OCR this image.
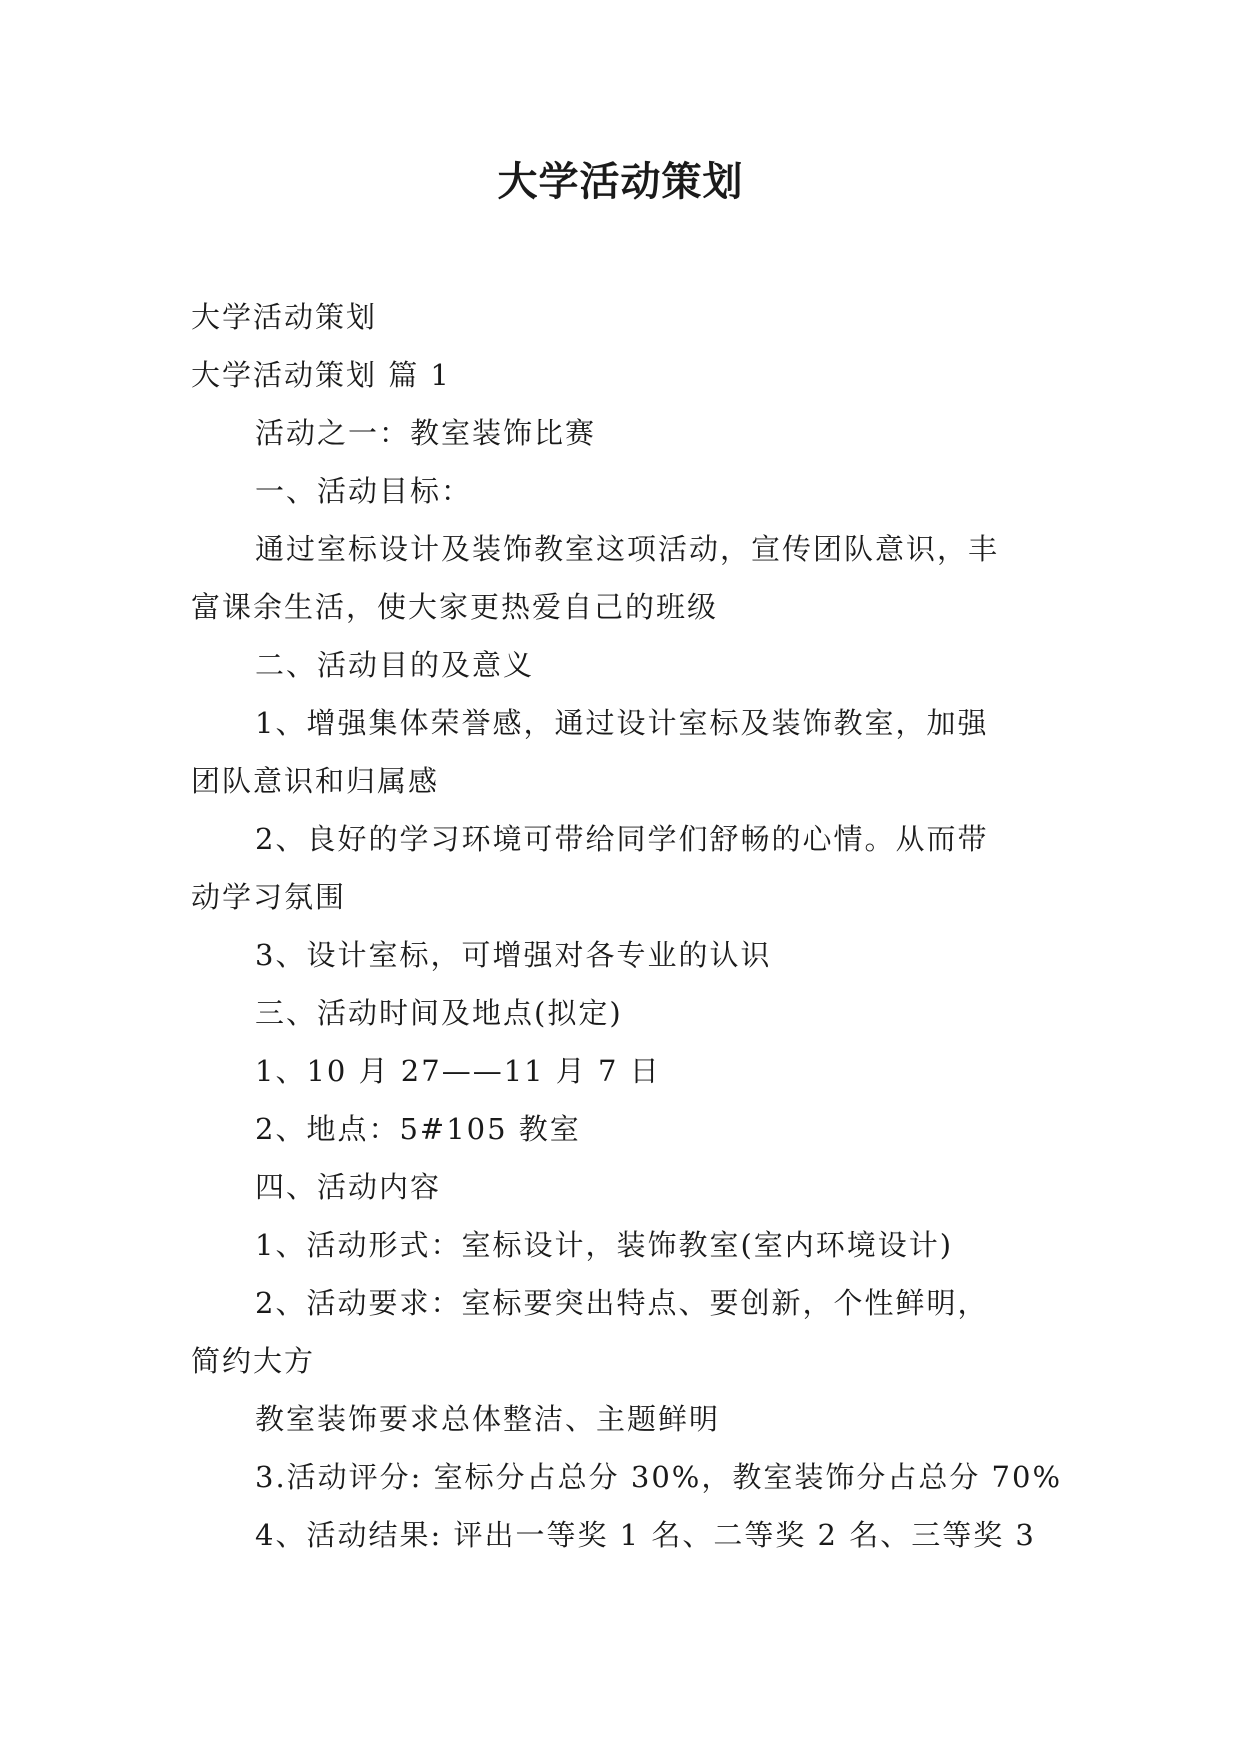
大学活动策划
大学活动策划
大学活动策划 篇 1
活动之一：教室装饰比赛
一、活动目标：
通过室标设计及装饰教室这项活动，宣传团队意识，丰
富课余生活，使大家更热爱自己的班级
二、活动目的及意义
1、增强集体荣誉感，通过设计室标及装饰教室，加强
团队意识和归属感
2、良好的学习环境可带给同学们舒畅的心情。从而带
动学习氛围
3、设计室标，可增强对各专业的认识
三、活动时间及地点(拟定)
1、10 月 27——11 月 7 日
2、地点：5#105 教室
四、活动内容
1、活动形式：室标设计，装饰教室(室内环境设计)
2、活动要求：室标要突出特点、要创新，个性鲜明，
简约大方
教室装饰要求总体整洁、主题鲜明
3.活动评分: 室标分占总分 30%，教室装饰分占总分 70%
4、活动结果: 评出一等奖 1 名、二等奖 2 名、三等奖 3
